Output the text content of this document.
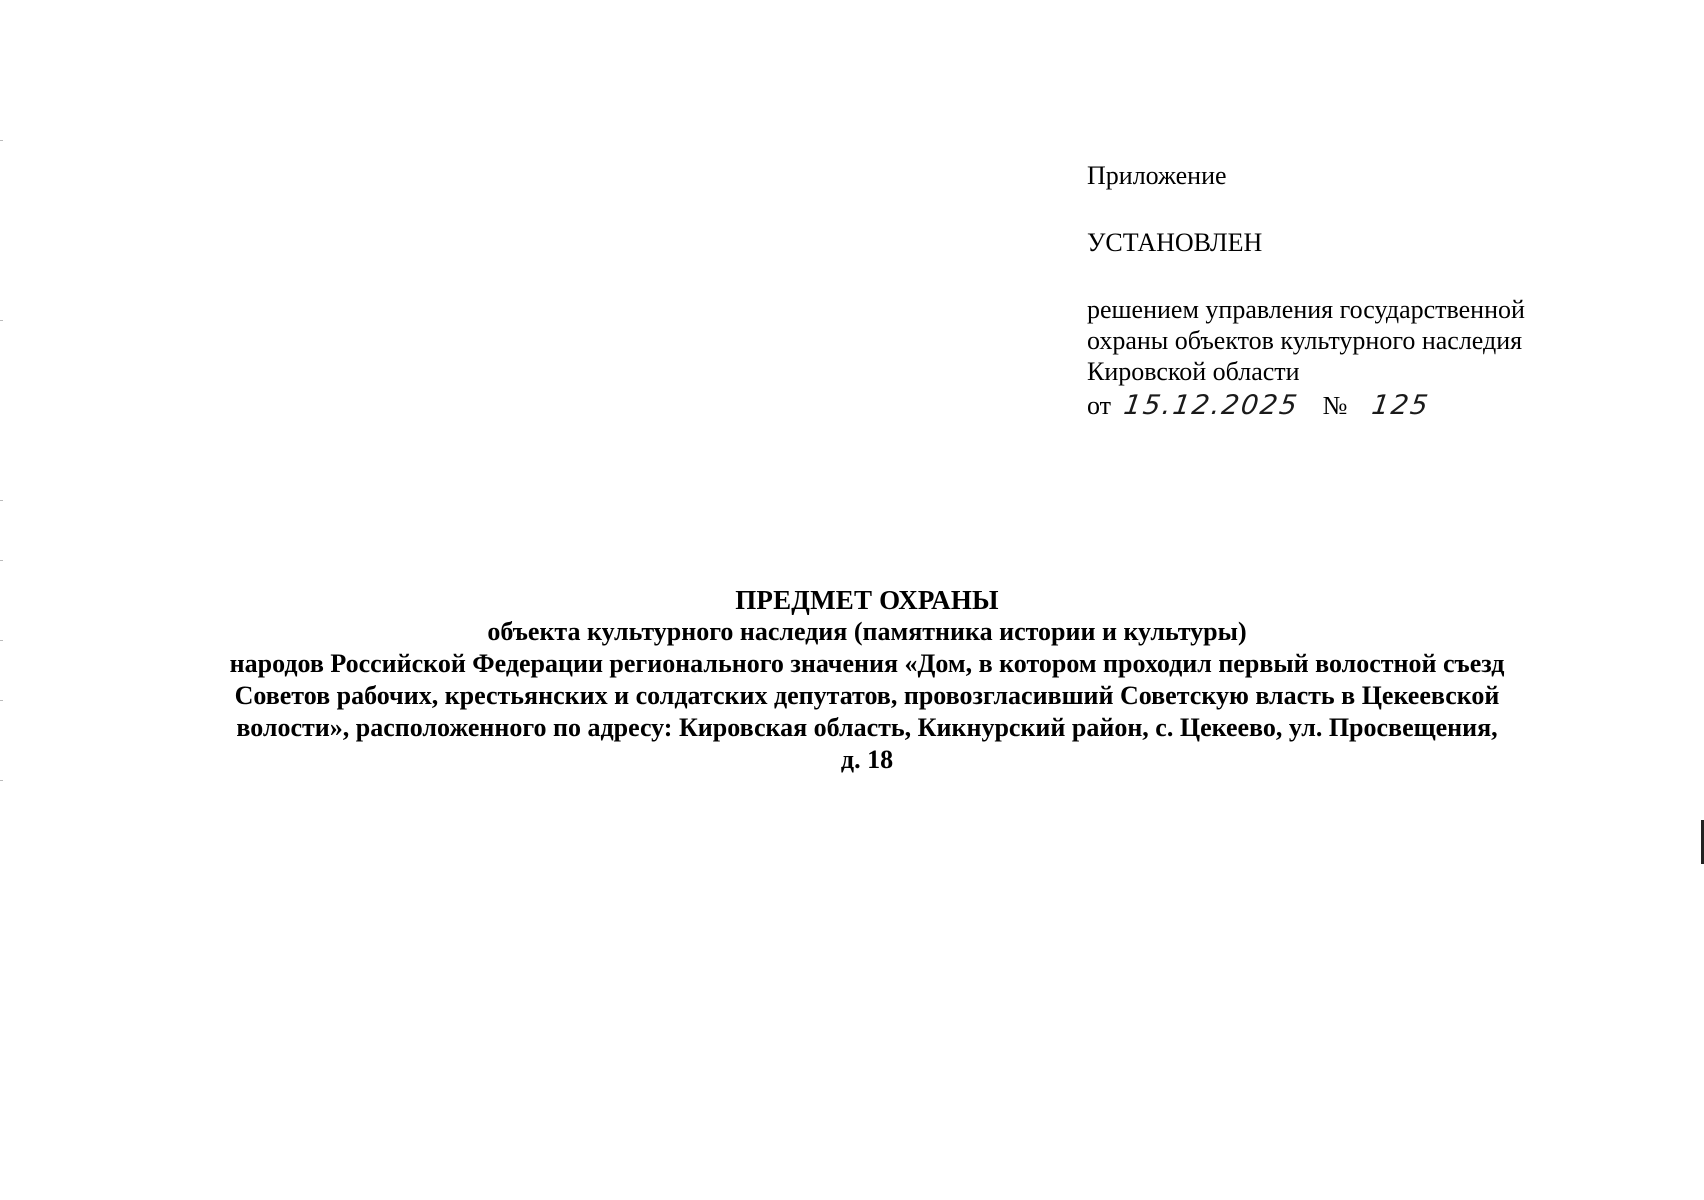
Приложение

УСТАНОВЛЕН

решением управления государственной
охраны объектов культурного наследия
Кировской области
от 15.12.2025 № 125

ПРЕДМЕТ ОХРАНЫ

объекта культурного наследия (памятника истории и культуры)

народов Российской Федерации регионального значения «Дом, в котором проходил первый волостной съезд

Советов рабочих, крестьянских и солдатских депутатов, провозгласивший Советскую власть в Цекеевской

волости», расположенного по адресу: Кировская область, Кикнурский район, с. Цекеево, ул. Просвещения,

д. 18
